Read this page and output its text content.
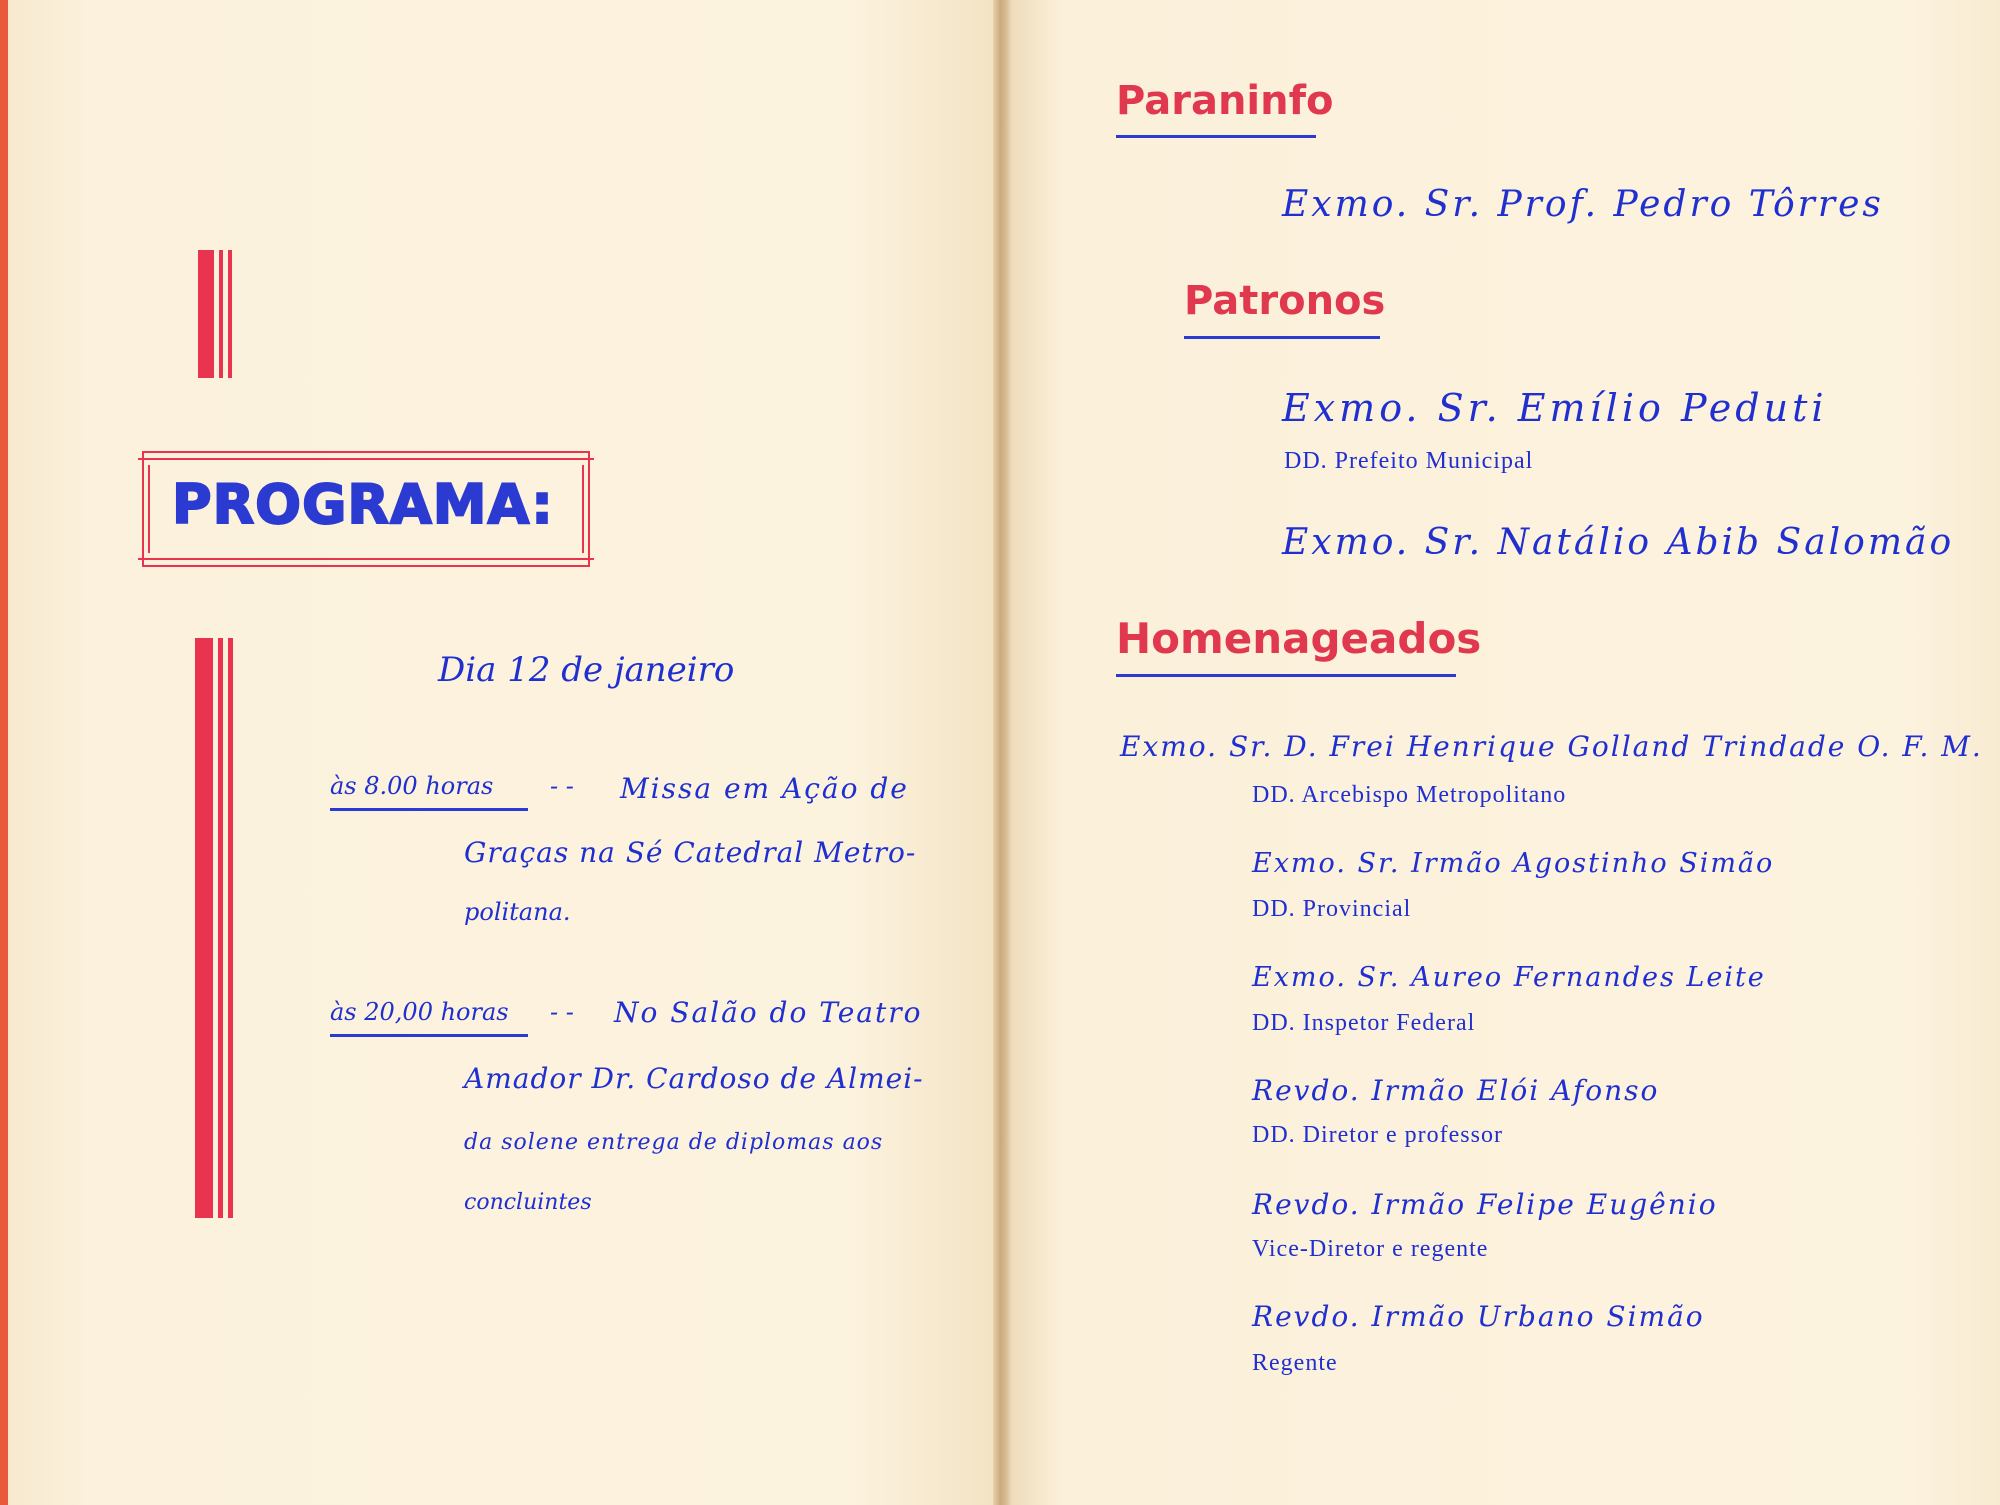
PROGRAMA:
Dia 12 de janeiro
às 8.00 horas - - Missa em Ação de
Graças na Sé Catedral Metro-
politana.
às 20,00 horas - - No Salão do Teatro
Amador Dr. Cardoso de Almei-
da solene entrega de diplomas aos
concluintes
Paraninfo
Exmo. Sr. Prof. Pedro Tôrres
Patronos
Exmo. Sr. Emílio Peduti
DD. Prefeito Municipal
Exmo. Sr. Natálio Abib Salomão
Homenageados
Exmo. Sr. D. Frei Henrique Golland Trindade O. F. M.
DD. Arcebispo Metropolitano
Exmo. Sr. Irmão Agostinho Simão
DD. Provincial
Exmo. Sr. Aureo Fernandes Leite
DD. Inspetor Federal
Revdo. Irmão Elói Afonso
DD. Diretor e professor
Revdo. Irmão Felipe Eugênio
Vice-Diretor e regente
Revdo. Irmão Urbano Simão
Regente
